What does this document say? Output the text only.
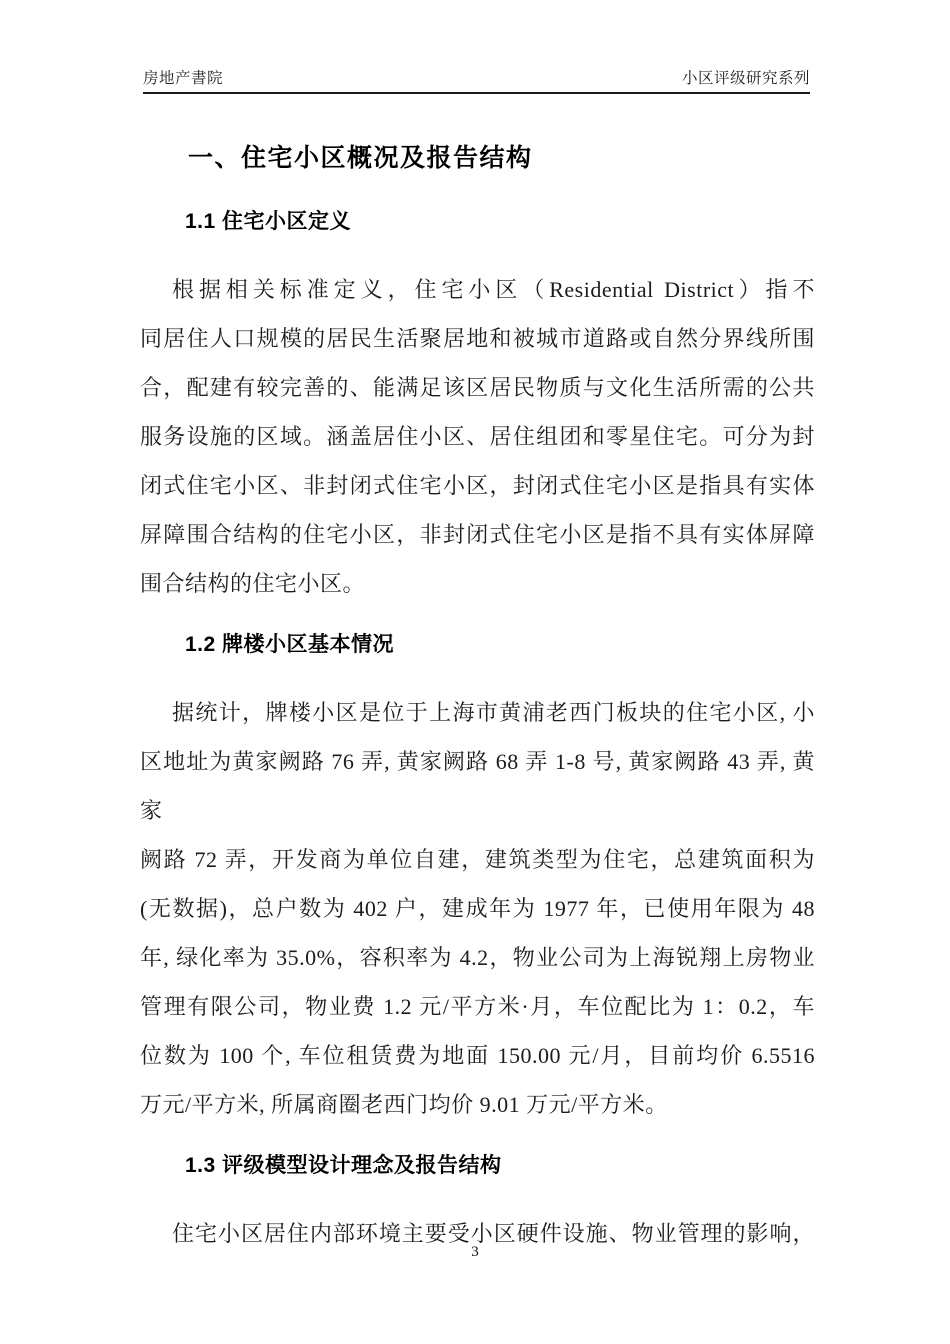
房地产書院	小区评级研究系列
一、住宅小区概况及报告结构
1.1 住宅小区定义
根据相关标准定义，住宅小区（Residential District）指不
同居住人口规模的居民生活聚居地和被城市道路或自然分界线所围
合，配建有较完善的、能满足该区居民物质与文化生活所需的公共
服务设施的区域。涵盖居住小区、居住组团和零星住宅。可分为封
闭式住宅小区、非封闭式住宅小区，封闭式住宅小区是指具有实体
屏障围合结构的住宅小区，非封闭式住宅小区是指不具有实体屏障
围合结构的住宅小区。
1.2 牌楼小区基本情况
据统计，牌楼小区是位于上海市黄浦老西门板块的住宅小区, 小
区地址为黄家阙路 76 弄, 黄家阙路 68 弄 1-8 号, 黄家阙路 43 弄, 黄家
阙路 72 弄，开发商为单位自建，建筑类型为住宅，总建筑面积为
(无数据)，总户数为 402 户，建成年为 1977 年，已使用年限为 48
年, 绿化率为 35.0%，容积率为 4.2，物业公司为上海锐翔上房物业
管理有限公司，物业费 1.2 元/平方米·月，车位配比为 1：0.2，车
位数为 100 个, 车位租赁费为地面 150.00 元/月，目前均价 6.5516
万元/平方米, 所属商圈老西门均价 9.01 万元/平方米。
1.3 评级模型设计理念及报告结构
住宅小区居住内部环境主要受小区硬件设施、物业管理的影响，
3
